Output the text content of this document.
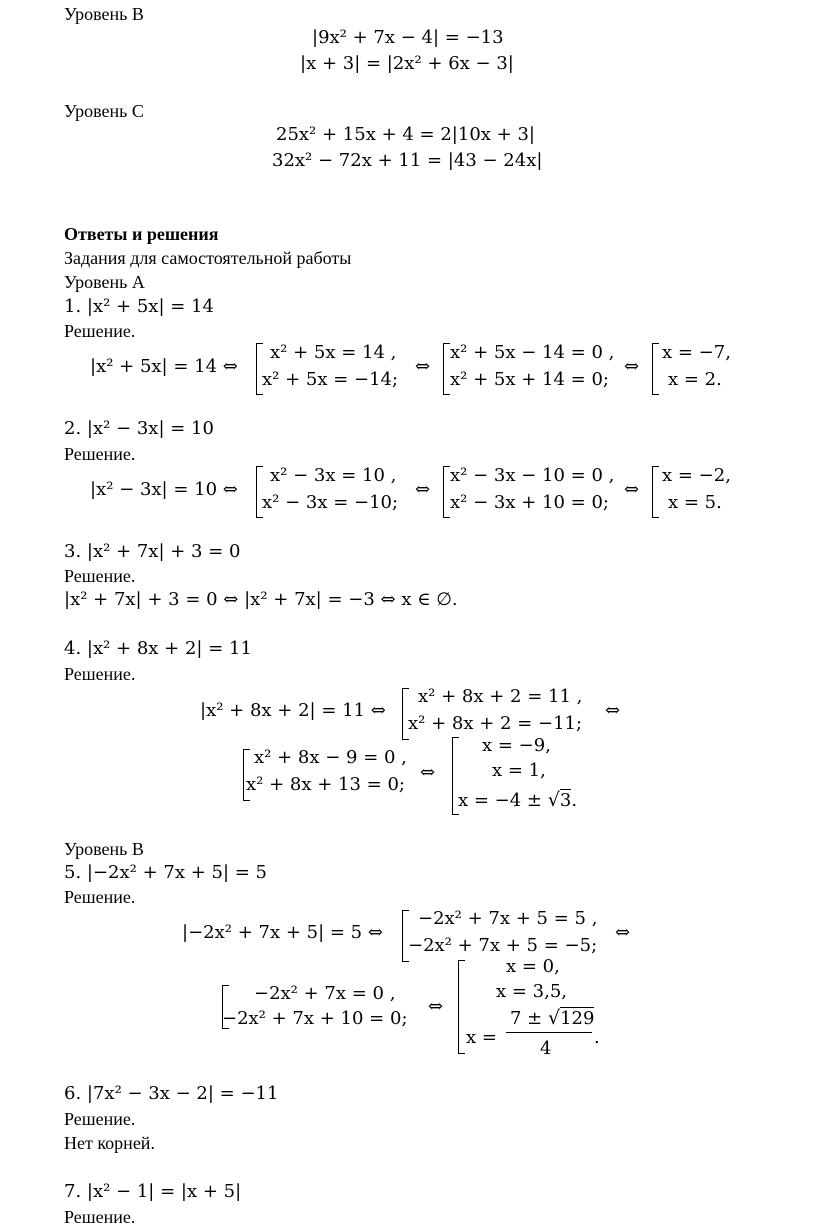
Уровень В
|9x² + 7x − 4| = −13
|x + 3| = |2x² + 6x − 3|
Уровень С
25x² + 15x + 4 = 2|10x + 3|
32x² − 72x + 11 = |43 − 24x|
Ответы и решения
Задания для самостоятельной работы
Уровень А
1. |x² + 5x| = 14
Решение.
|x² + 5x| = 14 ⇔
x² + 5x = 14 ,
x² + 5x = −14;
⇔
x² + 5x − 14 = 0 ,
x² + 5x + 14 = 0;
⇔
x = −7,
x = 2.
2. |x² − 3x| = 10
Решение.
|x² − 3x| = 10 ⇔
x² − 3x = 10 ,
x² − 3x = −10;
⇔
x² − 3x − 10 = 0 ,
x² − 3x + 10 = 0;
⇔
x = −2,
x = 5.
3. |x² + 7x| + 3 = 0
Решение.
|x² + 7x| + 3 = 0 ⇔ |x² + 7x| = −3 ⇔ x ∈ ∅.
4. |x² + 8x + 2| = 11
Решение.
|x² + 8x + 2| = 11 ⇔
x² + 8x + 2 = 11 ,
x² + 8x + 2 = −11;
⇔
x² + 8x − 9 = 0 ,
x² + 8x + 13 = 0;
⇔
x = −9,
x = 1,
x = −4 ± √3.
Уровень В
5. |−2x² + 7x + 5| = 5
Решение.
|−2x² + 7x + 5| = 5 ⇔
−2x² + 7x + 5 = 5 ,
−2x² + 7x + 5 = −5;
⇔
−2x² + 7x = 0 ,
−2x² + 7x + 10 = 0;
⇔
x = 0,
x = 3,5,
x =
7 ± √129
4
.
6. |7x² − 3x − 2| = −11
Решение.
Нет корней.
7. |x² − 1| = |x + 5|
Решение.
